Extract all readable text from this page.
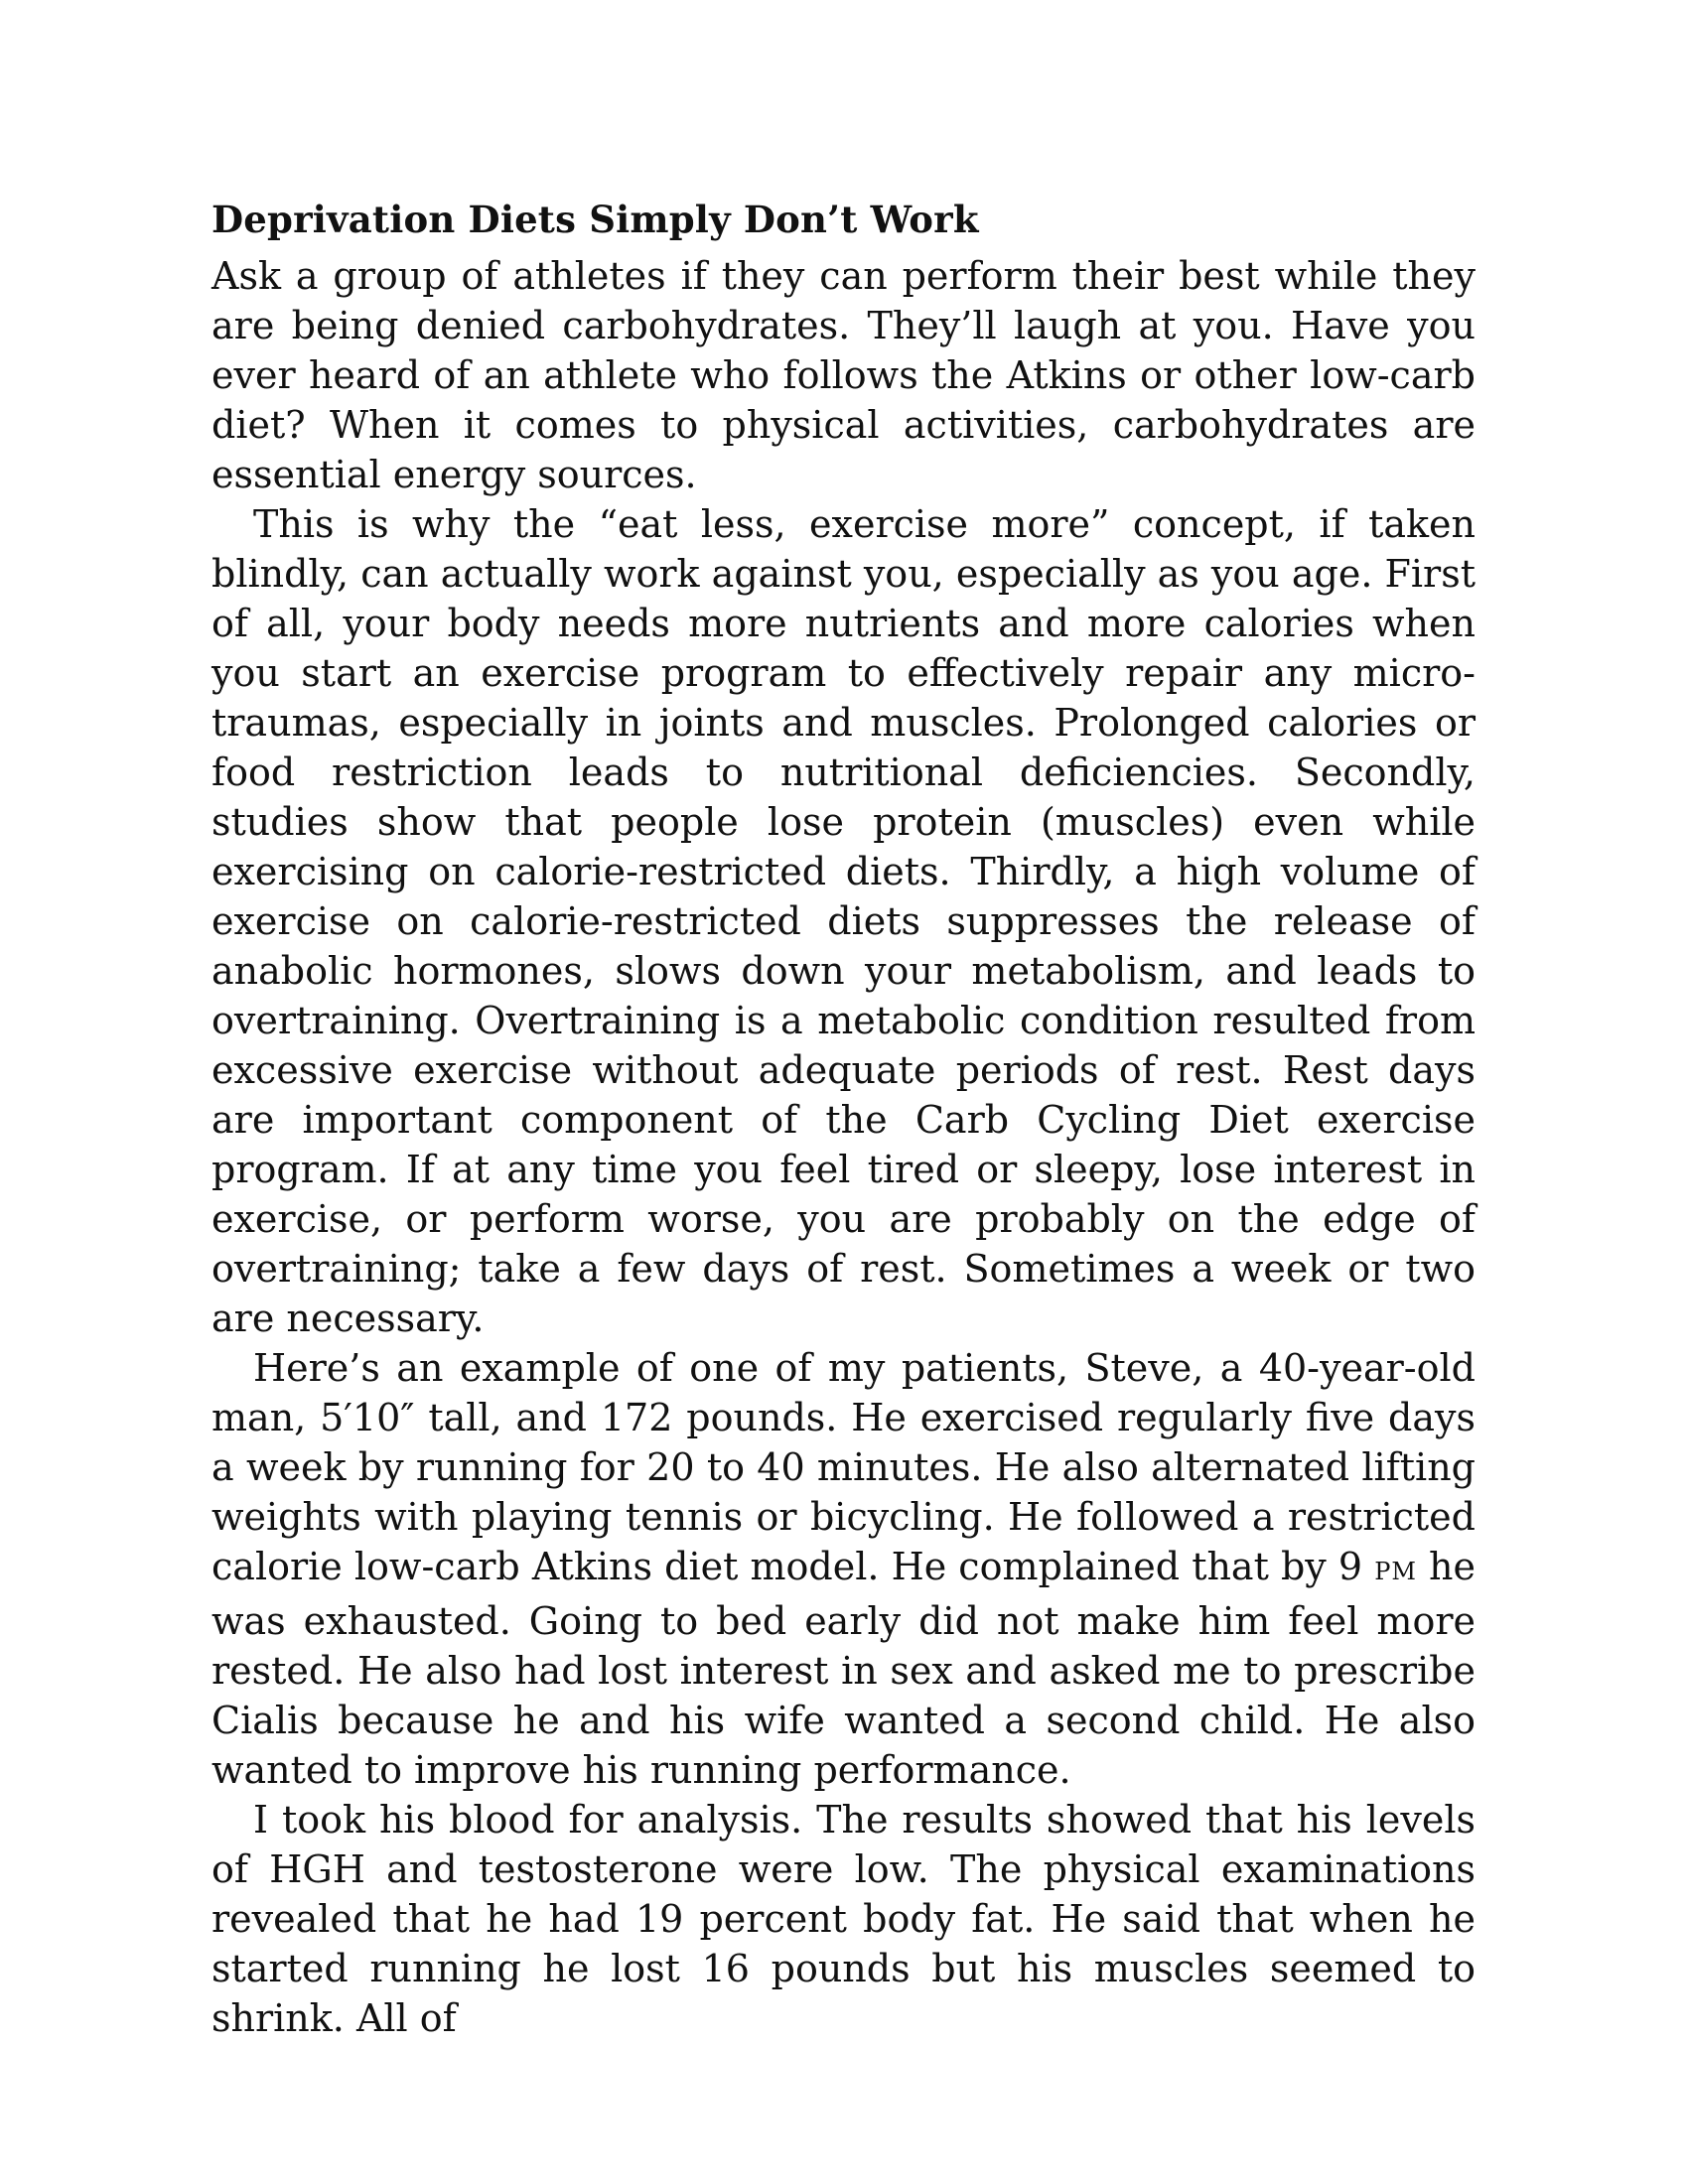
Deprivation Diets Simply Don’t Work

Ask a group of athletes if they can perform their best while they are being denied carbohydrates. They’ll laugh at you. Have you ever heard of an athlete who follows the Atkins or other low-carb diet? When it comes to physical activities, carbohydrates are essential energy sources.

This is why the “eat less, exercise more” concept, if taken blindly, can actually work against you, especially as you age. First of all, your body needs more nutrients and more calories when you start an exercise program to effectively repair any micro-traumas, especially in joints and muscles. Prolonged calories or food restriction leads to nutritional deficiencies. Secondly, studies show that people lose protein (muscles) even while exercising on calorie-restricted diets. Thirdly, a high volume of exercise on calorie-restricted diets suppresses the release of anabolic hormones, slows down your metabolism, and leads to overtraining. Overtraining is a metabolic condition resulted from excessive exercise without adequate periods of rest. Rest days are important component of the Carb Cycling Diet exercise program. If at any time you feel tired or sleepy, lose interest in exercise, or perform worse, you are probably on the edge of overtraining; take a few days of rest. Sometimes a week or two are necessary.

Here’s an example of one of my patients, Steve, a 40-year-old man, 5′10″ tall, and 172 pounds. He exercised regularly five days a week by running for 20 to 40 minutes. He also alternated lifting weights with playing tennis or bicycling. He followed a restricted calorie low-carb Atkins diet model. He complained that by 9 PM he was exhausted. Going to bed early did not make him feel more rested. He also had lost interest in sex and asked me to prescribe Cialis because he and his wife wanted a second child. He also wanted to improve his running performance.

I took his blood for analysis. The results showed that his levels of HGH and testosterone were low. The physical examinations revealed that he had 19 percent body fat. He said that when he started running he lost 16 pounds but his muscles seemed to shrink. All of
